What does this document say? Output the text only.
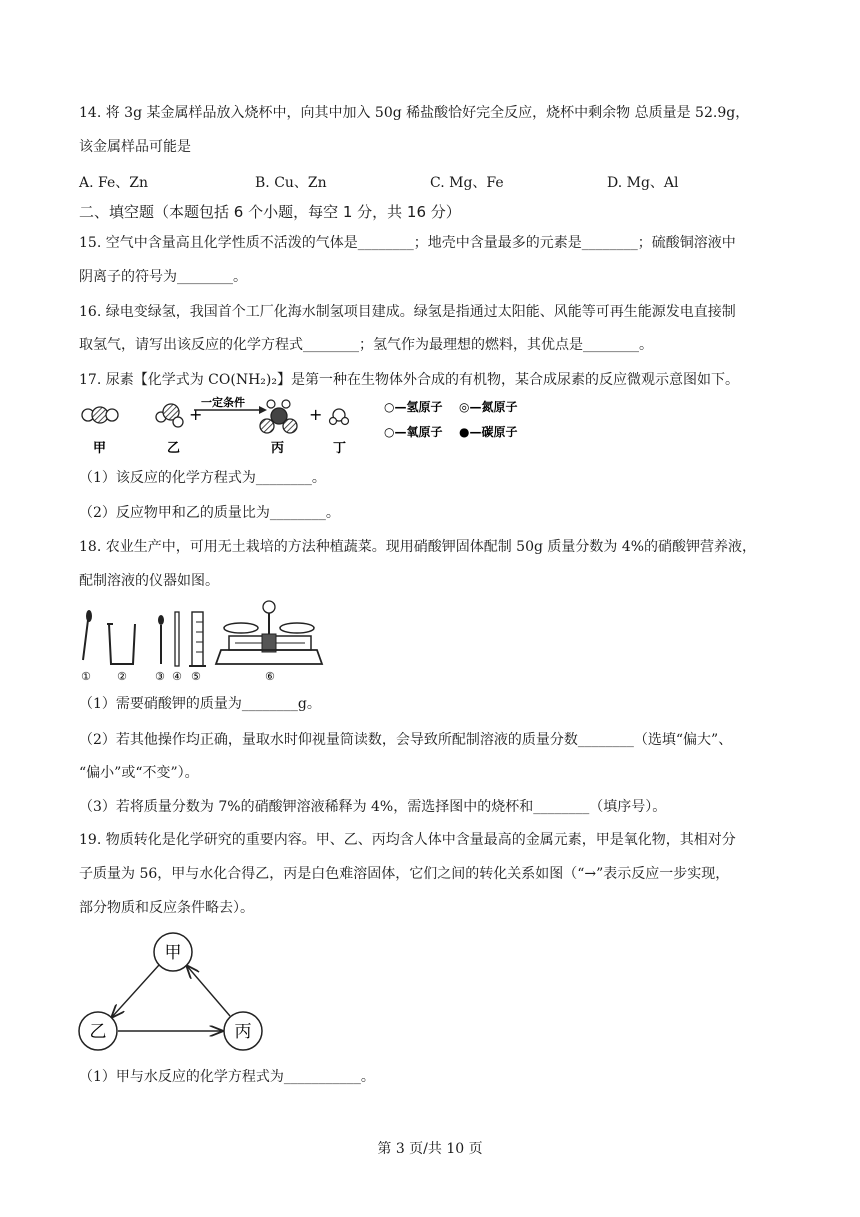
14. 将 3g 某金属样品放入烧杯中，向其中加入 50g 稀盐酸恰好完全反应，烧杯中剩余物 总质量是 52.9g，
该金属样品可能是
A. Fe、Zn	B. Cu、Zn	C. Mg、Fe	D. Mg、Al
二、填空题（本题包括 6 个小题，每空 1 分，共 16 分）
15. 空气中含量高且化学性质不活泼的气体是________；地壳中含量最多的元素是________；硫酸铜溶液中
阴离子的符号为________。
16. 绿电变绿氢，我国首个工厂化海水制氢项目建成。绿氢是指通过太阳能、风能等可再生能源发电直接制
取氢气，请写出该反应的化学方程式________；氢气作为最理想的燃料，其优点是________。
17. 尿素【化学式为 CO(NH₂)₂】是第一种在生物体外合成的有机物，某合成尿素的反应微观示意图如下。
+
一定条件
+
甲	乙	丙	丁
○—氢原子 ◎—氮原子
○—氧原子 ●—碳原子
（1）该反应的化学方程式为________。
（2）反应物甲和乙的质量比为________。
18. 农业生产中，可用无土栽培的方法种植蔬菜。现用硝酸钾固体配制 50g 质量分数为 4%的硝酸钾营养液，
配制溶液的仪器如图。
① ②	③ ④ ⑤	⑥
（1）需要硝酸钾的质量为________g。
（2）若其他操作均正确，量取水时仰视量筒读数，会导致所配制溶液的质量分数________（选填“偏大”、
“偏小”或“不变”）。
（3）若将质量分数为 7%的硝酸钾溶液稀释为 4%，需选择图中的烧杯和________（填序号）。
19. 物质转化是化学研究的重要内容。甲、乙、丙均含人体中含量最高的金属元素，甲是氧化物，其相对分
子质量为 56，甲与水化合得乙，丙是白色难溶固体，它们之间的转化关系如图（“→”表示反应一步实现，
部分物质和反应条件略去）。
甲
乙	丙
（1）甲与水反应的化学方程式为___________。
第 3 页/共 10 页
